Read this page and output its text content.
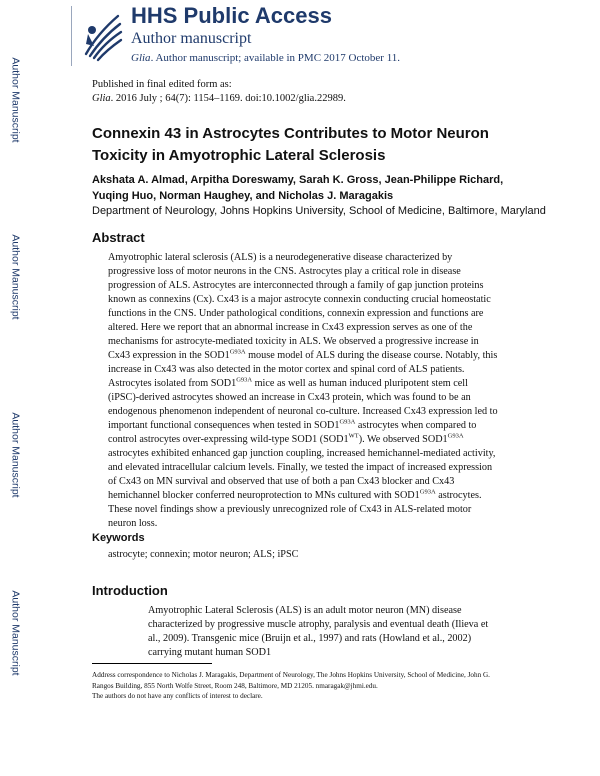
Author Manuscript
Author Manuscript
Author Manuscript
Author Manuscript
HHS Public Access
Author manuscript
Glia. Author manuscript; available in PMC 2017 October 11.
Published in final edited form as:
Glia. 2016 July ; 64(7): 1154–1169. doi:10.1002/glia.22989.
Connexin 43 in Astrocytes Contributes to Motor Neuron Toxicity in Amyotrophic Lateral Sclerosis
Akshata A. Almad, Arpitha Doreswamy, Sarah K. Gross, Jean-Philippe Richard, Yuqing Huo, Norman Haughey, and Nicholas J. Maragakis
Department of Neurology, Johns Hopkins University, School of Medicine, Baltimore, Maryland
Abstract

Amyotrophic lateral sclerosis (ALS) is a neurodegenerative disease characterized by progressive loss of motor neurons in the CNS. Astrocytes play a critical role in disease progression of ALS. Astrocytes are interconnected through a family of gap junction proteins known as connexins (Cx). Cx43 is a major astrocyte connexin conducting crucial homeostatic functions in the CNS. Under pathological conditions, connexin expression and functions are altered. Here we report that an abnormal increase in Cx43 expression serves as one of the mechanisms for astrocyte-mediated toxicity in ALS. We observed a progressive increase in Cx43 expression in the $SOD1^{G93A}$ mouse model of ALS during the disease course. Notably, this increase in Cx43 was also detected in the motor cortex and spinal cord of ALS patients. Astrocytes isolated from $SOD1^{G93A}$ mice as well as human induced pluripotent stem cell (iPSC)-derived astrocytes showed an increase in Cx43 protein, which was found to be an endogenous phenomenon independent of neuronal co-culture. Increased Cx43 expression led to important functional consequences when tested in $SOD1^{G93A}$ astrocytes when compared to control astrocytes over-expressing wild-type SOD1 $(SOD1^{WT})$. We observed $SOD1^{G93A}$ astrocytes exhibited enhanced gap junction coupling, increased hemichannel-mediated activity, and elevated intracellular calcium levels. Finally, we tested the impact of increased expression of Cx43 on MN survival and observed that use of both a pan Cx43 blocker and Cx43 hemichannel blocker conferred neuroprotection to MNs cultured with $SOD1^{G93A}$ astrocytes. These novel findings show a previously unrecognized role of Cx43 in ALS-related motor neuron loss.

Keywords
astrocyte; connexin; motor neuron; ALS; iPSC
Introduction

Amyotrophic Lateral Sclerosis (ALS) is an adult motor neuron (MN) disease characterized by progressive muscle atrophy, paralysis and eventual death (Ilieva et al., 2009). Transgenic mice (Bruijn et al., 1997) and rats (Howland et al., 2002) carrying mutant human SOD1

Address correspondence to Nicholas J. Maragakis, Department of Neurology, The Johns Hopkins University, School of Medicine, John G. Rangos Building, 855 North Wolfe Street, Room 248, Baltimore, MD 21205. nmaragak@jhmi.edu.
The authors do not have any conflicts of interest to declare.
